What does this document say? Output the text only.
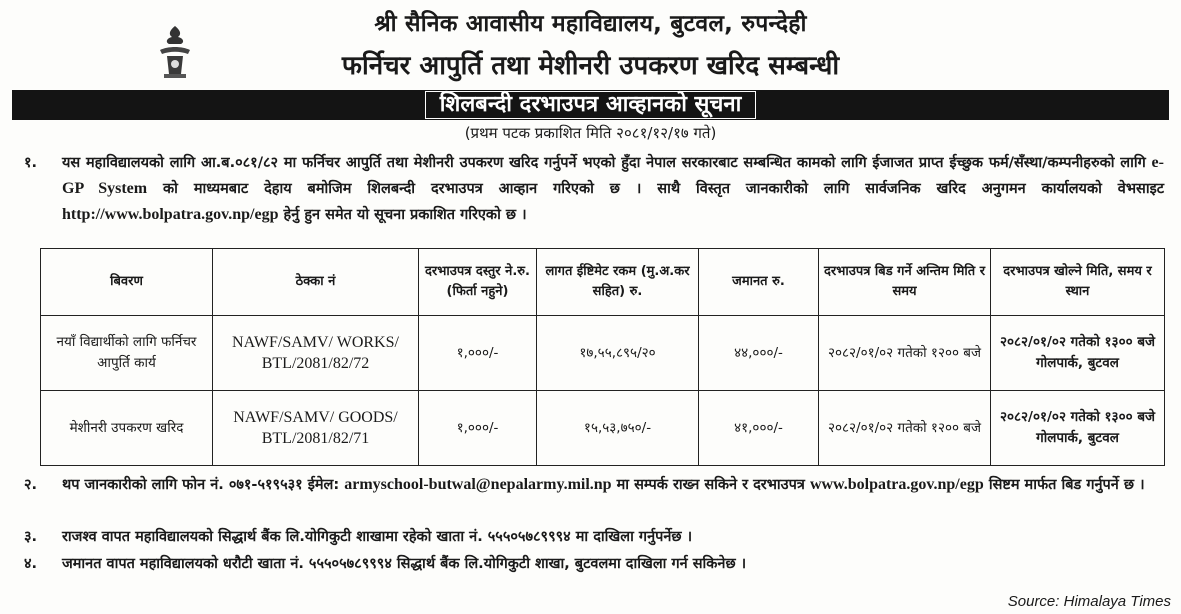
श्री सैनिक आवासीय महाविद्यालय, बुटवल, रुपन्देही
फर्निचर आपुर्ति तथा मेशीनरी उपकरण खरिद सम्बन्धी
शिलबन्दी दरभाउपत्र आव्हानको सूचना
(प्रथम पटक प्रकाशित मिति २०८१/१२/१७ गते)
१. यस महाविद्यालयको लागि आ.ब.०८१/८२ मा फर्निचर आपुर्ति तथा मेशीनरी उपकरण खरिद गर्नुपर्ने भएको हुँदा नेपाल सरकारबाट सम्बन्धित कामको लागि ईजाजत प्राप्त ईच्छुक फर्म/सँस्था/कम्पनीहरुको लागि e-GP System को माध्यमबाट देहाय बमोजिम शिलबन्दी दरभाउपत्र आव्हान गरिएको छ । साथै विस्तृत जानकारीको लागि सार्वजनिक खरिद अनुगमन कार्यालयको वेभसाइट http://www.bolpatra.gov.np/egp हेर्नु हुन समेत यो सूचना प्रकाशित गरिएको छ ।
बिवरण	ठेक्का नं	दरभाउपत्र दस्तुर ने.रु. (फिर्ता नहुने)	लागत ईष्टिमेट रकम (मु.अ.कर सहित) रु.	जमानत रु.	दरभाउपत्र बिड गर्ने अन्तिम मिति र समय	दरभाउपत्र खोल्ने मिति, समय र स्थान
नयाँ विद्यार्थीको लागि फर्निचर आपुर्ति कार्य	NAWF/SAMV/ WORKS/ BTL/2081/82/72	१,०००/-	१७,५५,८९५/२०	४४,०००/-	२०८२/०१/०२ गतेको १२०० बजे	२०८२/०१/०२ गतेको १३०० बजे गोलपार्क, बुटवल
मेशीनरी उपकरण खरिद	NAWF/SAMV/ GOODS/ BTL/2081/82/71	१,०००/-	१५,५३,७५०/-	४१,०००/-	२०८२/०१/०२ गतेको १२०० बजे	२०८२/०१/०२ गतेको १३०० बजे गोलपार्क, बुटवल
२. थप जानकारीको लागि फोन नं. ०७१-५१९५३१ ईमेल: armyschool-butwal@nepalarmy.mil.np मा सम्पर्क राख्न सकिने र दरभाउपत्र www.bolpatra.gov.np/egp सिष्टम मार्फत बिड गर्नुपर्ने छ ।
३. राजश्व वापत महाविद्यालयको सिद्धार्थ बैंक लि.योगिकुटी शाखामा रहेको खाता नं. ५५५०५७८९९९४ मा दाखिला गर्नुपर्नेछ ।
४. जमानत वापत महाविद्यालयको धरौटी खाता नं. ५५५०५७८९९९४ सिद्धार्थ बैंक लि.योगिकुटी शाखा, बुटवलमा दाखिला गर्न सकिनेछ ।
Source: Himalaya Times
